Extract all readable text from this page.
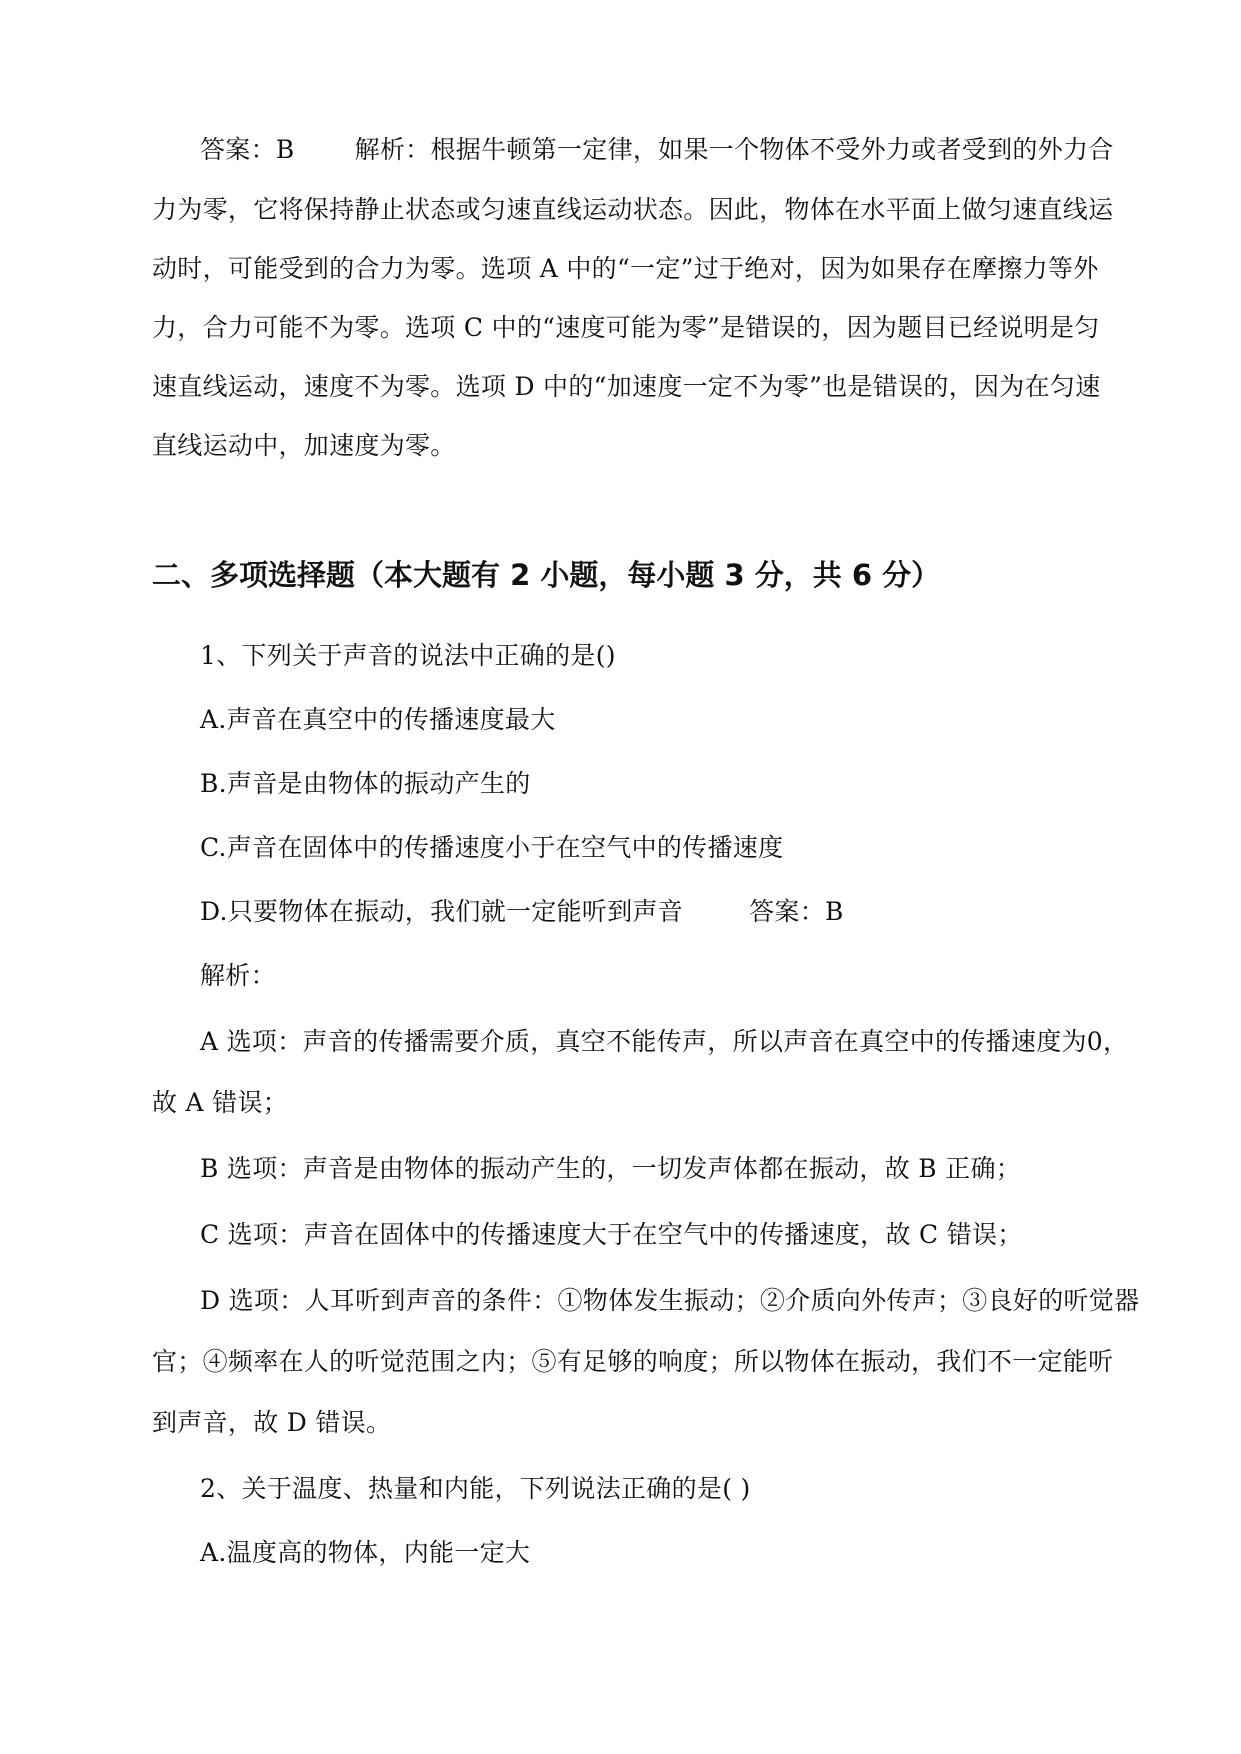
答案：B 解析：根据牛顿第一定律，如果一个物体不受外力或者受到的外力合
力为零，它将保持静止状态或匀速直线运动状态。因此，物体在水平面上做匀速直线运
动时，可能受到的合力为零。选项 A 中的“一定”过于绝对，因为如果存在摩擦力等外
力，合力可能不为零。选项 C 中的“速度可能为零”是错误的，因为题目已经说明是匀
速直线运动，速度不为零。选项 D 中的“加速度一定不为零”也是错误的，因为在匀速
直线运动中，加速度为零。
二、多项选择题（本大题有 2 小题，每小题 3 分，共 6 分）
1、下列关于声音的说法中正确的是()
A.声音在真空中的传播速度最大
B.声音是由物体的振动产生的
C.声音在固体中的传播速度小于在空气中的传播速度
D.只要物体在振动，我们就一定能听到声音	答案：B
解析：
A 选项：声音的传播需要介质，真空不能传声，所以声音在真空中的传播速度为0，
故 A 错误；
B 选项：声音是由物体的振动产生的，一切发声体都在振动，故 B 正确；
C 选项：声音在固体中的传播速度大于在空气中的传播速度，故 C 错误；
D 选项：人耳听到声音的条件：①物体发生振动；②介质向外传声；③良好的听觉器
官；④频率在人的听觉范围之内；⑤有足够的响度；所以物体在振动，我们不一定能听
到声音，故 D 错误。
2、关于温度、热量和内能，下列说法正确的是( )
A.温度高的物体，内能一定大
